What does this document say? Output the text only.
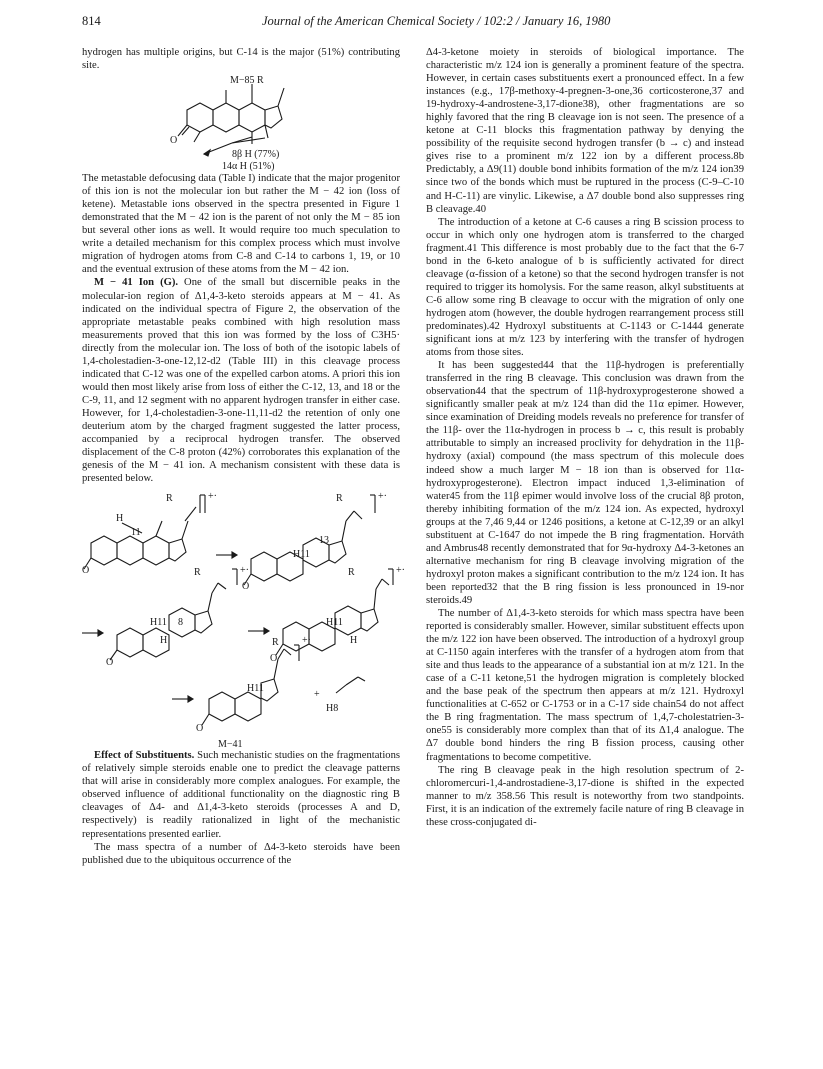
814	Journal of the American Chemical Society / 102:2 / January 16, 1980

hydrogen has multiple origins, but C-14 is the major (51%) contributing site.

M−85 R
O
8β H (77%)
14α H (51%)

The metastable defocusing data (Table I) indicate that the major progenitor of this ion is not the molecular ion but rather the M − 42 ion (loss of ketene). Metastable ions observed in the spectra presented in Figure 1 demonstrated that the M − 42 ion is the parent of not only the M − 85 ion but several other ions as well. It would require too much speculation to write a detailed mechanism for this complex process which must involve migration of hydrogen atoms from C-8 and C-14 to carbons 1, 19, or 10 and the eventual extrusion of these atoms from the M − 42 ion.

M − 41 Ion (G). One of the small but discernible peaks in the molecular-ion region of Δ1,4-3-keto steroids appears at M − 41. As indicated on the individual spectra of Figure 2, the observation of the appropriate metastable peaks combined with high resolution mass measurements proved that this ion was formed by the loss of C3H5· directly from the molecular ion. The loss of both of the isotopic labels of 1,4-cholestadien-3-one-12,12-d2 (Table III) in this cleavage process indicated that C-12 was one of the expelled carbon atoms. A priori this ion would then most likely arise from loss of either the C-12, 13, and 18 or the C-9, 11, and 12 segment with no apparent hydrogen transfer in either case. However, for 1,4-cholestadien-3-one-11,11-d2 the retention of only one deuterium atom by the charged fragment suggested the latter process, accompanied by a reciprocal hydrogen transfer. The observed displacement of the C-8 proton (42%) corroborates this explanation of the genesis of the M − 41 ion. A mechanism consistent with these data is presented below.

R	+·
H
11
O
R	+·
H11
13
O
R	+·
H11 8
H
O
R	+·
H11
H
O
R +·
H11
O
+
H8
M−41

Effect of Substituents. Such mechanistic studies on the fragmentations of relatively simple steroids enable one to predict the cleavage patterns that will arise in considerably more complex analogues. For example, the observed influence of additional functionality on the diagnostic ring B cleavages of Δ4- and Δ1,4-3-keto steroids (processes A and D, respectively) is readily rationalized in light of the mechanistic representations presented earlier.

The mass spectra of a number of Δ4-3-keto steroids have been published due to the ubiquitous occurrence of the

Δ4-3-ketone moiety in steroids of biological importance. The characteristic m/z 124 ion is generally a prominent feature of the spectra. However, in certain cases substituents exert a pronounced effect. In a few instances (e.g., 17β-methoxy-4-pregnen-3-one,36 corticosterone,37 and 19-hydroxy-4-androstene-3,17-dione38), other fragmentations are so highly favored that the ring B cleavage ion is not seen. The presence of a ketone at C-11 blocks this fragmentation pathway by denying the possibility of the requisite second hydrogen transfer (b → c) and instead gives rise to a prominent m/z 122 ion by a different process.8b Predictably, a Δ9(11) double bond inhibits formation of the m/z 124 ion39 since two of the bonds which must be ruptured in the process (C-9–C-10 and H-C-11) are vinylic. Likewise, a Δ7 double bond also suppresses ring B cleavage.40

The introduction of a ketone at C-6 causes a ring B scission process to occur in which only one hydrogen atom is transferred to the charged fragment.41 This difference is most probably due to the fact that the 6-7 bond in the 6-keto analogue of b is sufficiently activated for direct cleavage (α-fission of a ketone) so that the second hydrogen transfer is not required to trigger its homolysis. For the same reason, alkyl substituents at C-6 allow some ring B cleavage to occur with the migration of only one hydrogen atom (however, the double hydrogen rearrangement process still predominates).42 Hydroxyl substituents at C-1143 or C-1444 generate significant ions at m/z 123 by interfering with the transfer of hydrogen atoms from those sites.

It has been suggested44 that the 11β-hydrogen is preferentially transferred in the ring B cleavage. This conclusion was drawn from the observation44 that the spectrum of 11β-hydroxyprogesterone showed a significantly smaller peak at m/z 124 than did the 11α epimer. However, since examination of Dreiding models reveals no preference for transfer of the 11β- over the 11α-hydrogen in process b → c, this result is probably attributable to simply an increased proclivity for dehydration in the 11β-hydroxy (axial) compound (the mass spectrum of this molecule does indeed show a much larger M − 18 ion than is observed for 11α-hydroxyprogesterone). Electron impact induced 1,3-elimination of water45 from the 11β epimer would involve loss of the crucial 8β proton, thereby inhibiting formation of the m/z 124 ion. As expected, hydroxyl groups at the 7,46 9,44 or 1246 positions, a ketone at C-12,39 or an alkyl substituent at C-1647 do not impede the B ring fragmentation. Horváth and Ambrus48 recently demonstrated that for 9α-hydroxy Δ4-3-ketones an alternative mechanism for ring B cleavage involving migration of the hydroxyl proton makes a significant contribution to the m/z 124 ion. It has been reported32 that the B ring fission is less pronounced in 19-nor steroids.49

The number of Δ1,4-3-keto steroids for which mass spectra have been reported is considerably smaller. However, similar substituent effects upon the m/z 122 ion have been observed. The introduction of a hydroxyl group at C-1150 again interferes with the transfer of a hydrogen atom from that site and thus leads to the appearance of a substantial ion at m/z 121. In the case of a C-11 ketone,51 the hydrogen migration is completely blocked and the base peak of the spectrum then appears at m/z 121. Hydroxyl functionalities at C-652 or C-1753 or in a C-17 side chain54 do not affect the B ring fragmentation. The mass spectrum of 1,4,7-cholestatrien-3-one55 is considerably more complex than that of its Δ1,4 analogue. The Δ7 double bond hinders the ring B fission process, causing other fragmentations to become competitive.

The ring B cleavage peak in the high resolution spectrum of 2-chloromercuri-1,4-androstadiene-3,17-dione is shifted in the expected manner to m/z 358.56 This result is noteworthy from two standpoints. First, it is an indication of the extremely facile nature of ring B cleavage in these cross-conjugated di-
